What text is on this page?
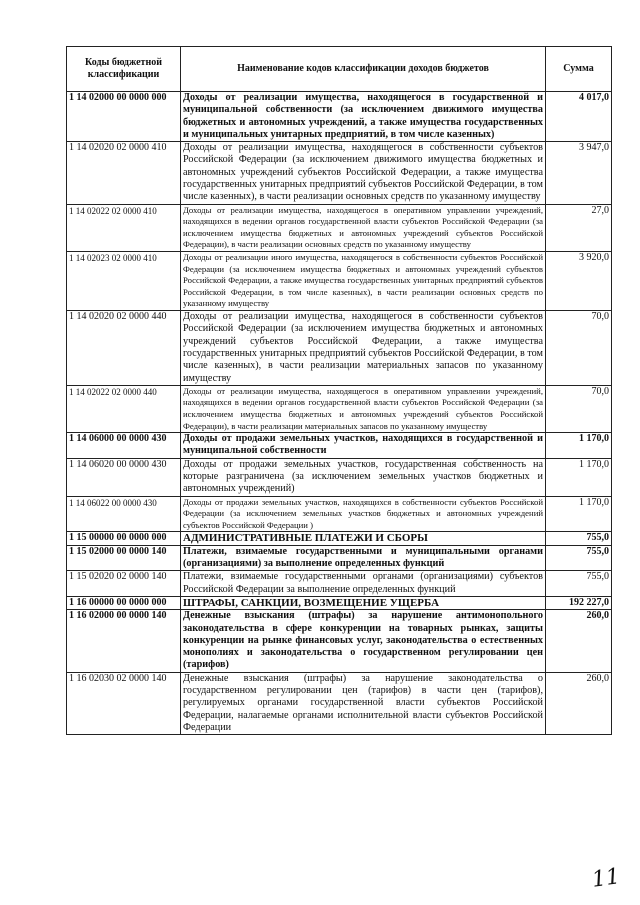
Коды бюджетной классификации	Наименование кодов классификации доходов бюджетов	Сумма
1 14 02000 00 0000 000	Доходы от реализации имущества, находящегося в государственной и муниципальной собственности (за исключением движимого имущества бюджетных и автономных учреждений, а также имущества государственных и муниципальных унитарных предприятий, в том числе казенных)	4 017,0
1 14 02020 02 0000 410	Доходы от реализации имущества, находящегося в собственности субъектов Российской Федерации (за исключением движимого имущества бюджетных и автономных учреждений субъектов Российской Федерации, а также имущества государственных унитарных предприятий субъектов Российской Федерации, в том числе казенных), в части реализации основных средств по указанному имуществу	3 947,0
1 14 02022 02 0000 410	Доходы от реализации имущества, находящегося в оперативном управлении учреждений, находящихся в ведении органов государственной власти субъектов Российской Федерации (за исключением имущества бюджетных и автономных учреждений субъектов Российской Федерации), в части реализации основных средств по указанному имуществу	27,0
1 14 02023 02 0000 410	Доходы от реализации иного имущества, находящегося в собственности субъектов Российской Федерации (за исключением имущества бюджетных и автономных учреждений субъектов Российской Федерации, а также имущества государственных унитарных предприятий субъектов Российской Федерации, в том числе казенных), в части реализации основных средств по указанному имуществу	3 920,0
1 14 02020 02 0000 440	Доходы от реализации имущества, находящегося в собственности субъектов Российской Федерации (за исключением имущества бюджетных и автономных учреждений субъектов Российской Федерации, а также имущества государственных унитарных предприятий субъектов Российской Федерации, в том числе казенных), в части реализации материальных запасов по указанному имуществу	70,0
1 14 02022 02 0000 440	Доходы от реализации имущества, находящегося в оперативном управлении учреждений, находящихся в ведении органов государственной власти субъектов Российской Федерации (за исключением имущества бюджетных и автономных учреждений субъектов Российской Федерации), в части реализации материальных запасов по указанному имуществу	70,0
1 14 06000 00 0000 430	Доходы от продажи земельных участков, находящихся в государственной и муниципальной собственности	1 170,0
1 14 06020 00 0000 430	Доходы от продажи земельных участков, государственная собственность на которые разграничена (за исключением земельных участков бюджетных и автономных учреждений)	1 170,0
1 14 06022 00 0000 430	Доходы от продажи земельных участков, находящихся в собственности субъектов Российской Федерации (за исключением земельных участков бюджетных и автономных учреждений субъектов Российской Федерации )	1 170,0
1 15 00000 00 0000 000	АДМИНИСТРАТИВНЫЕ ПЛАТЕЖИ И СБОРЫ	755,0
1 15 02000 00 0000 140	Платежи, взимаемые государственными и муниципальными органами (организациями) за выполнение определенных функций	755,0
1 15 02020 02 0000 140	Платежи, взимаемые государственными органами (организациями) субъектов Российской Федерации за выполнение определенных функций	755,0
1 16 00000 00 0000 000	ШТРАФЫ, САНКЦИИ, ВОЗМЕЩЕНИЕ УЩЕРБА	192 227,0
1 16 02000 00 0000 140	Денежные взыскания (штрафы) за нарушение антимонопольного законодательства в сфере конкуренции на товарных рынках, защиты конкуренции на рынке финансовых услуг, законодательства о естественных монополиях и законодательства о государственном регулировании цен (тарифов)	260,0
1 16 02030 02 0000 140	Денежные взыскания (штрафы) за нарушение законодательства о государственном регулировании цен (тарифов) в части цен (тарифов), регулируемых органами государственной власти субъектов Российской Федерации, налагаемые органами исполнительной власти субъектов Российской Федерации	260,0
11
